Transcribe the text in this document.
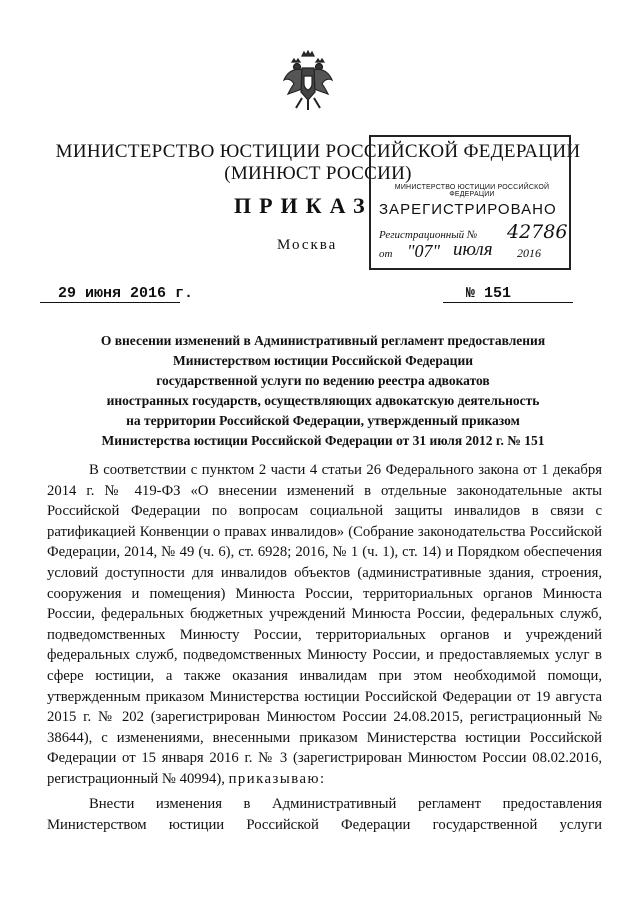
МИНИСТЕРСТВО ЮСТИЦИИ РОССИЙСКОЙ ФЕДЕРАЦИИ
(МИНЮСТ РОССИИ)
ПРИКАЗ
Москва
МИНИСТЕРСТВО ЮСТИЦИИ РОССИЙСКОЙ ФЕДЕРАЦИИ
ЗАРЕГИСТРИРОВАНО
Регистрационный № 42786
от "07" июля 2016
29 июня 2016 г.	№ 151
О внесении изменений в Административный регламент предоставления
Министерством юстиции Российской Федерации
государственной услуги по ведению реестра адвокатов
иностранных государств, осуществляющих адвокатскую деятельность
на территории Российской Федерации, утвержденный приказом
Министерства юстиции Российской Федерации от 31 июля 2012 г. № 151
В соответствии с пунктом 2 части 4 статьи 26 Федерального закона от 1 декабря 2014 г. № 419-ФЗ «О внесении изменений в отдельные законодательные акты Российской Федерации по вопросам социальной защиты инвалидов в связи с ратификацией Конвенции о правах инвалидов» (Собрание законодательства Российской Федерации, 2014, № 49 (ч. 6), ст. 6928; 2016, № 1 (ч. 1), ст. 14) и Порядком обеспечения условий доступности для инвалидов объектов (административные здания, строения, сооружения и помещения) Минюста России, территориальных органов Минюста России, федеральных бюджетных учреждений Минюста России, федеральных служб, подведомственных Минюсту России, территориальных органов и учреждений федеральных служб, подведомственных Минюсту России, и предоставляемых услуг в сфере юстиции, а также оказания инвалидам при этом необходимой помощи, утвержденным приказом Министерства юстиции Российской Федерации от 19 августа 2015 г. № 202 (зарегистрирован Минюстом России 24.08.2015, регистрационный № 38644), с изменениями, внесенными приказом Министерства юстиции Российской Федерации от 15 января 2016 г. № 3 (зарегистрирован Минюстом России 08.02.2016, регистрационный № 40994), приказываю:
Внести изменения в Административный регламент предоставления Министерством юстиции Российской Федерации государственной услуги
